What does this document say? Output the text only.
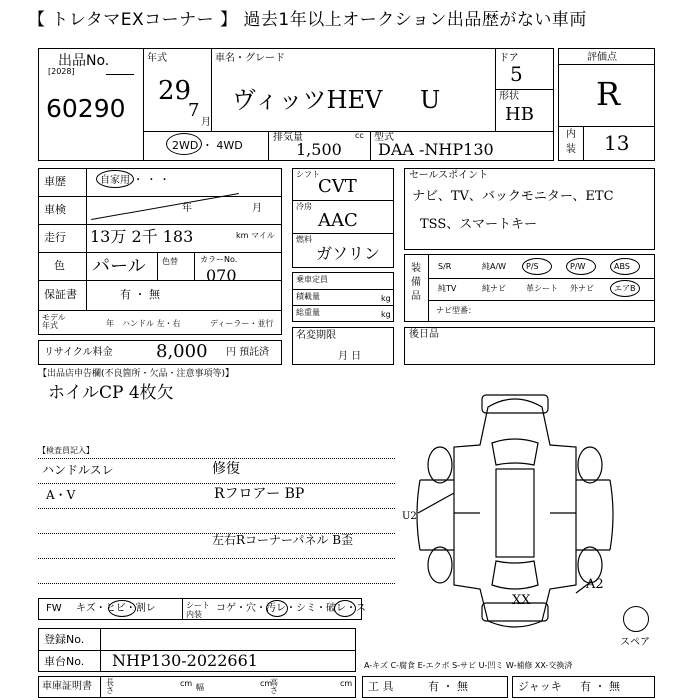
【 トレタマEXコーナー 】 過去1年以上オークション出品歴がない車両
出品No.
[2028]
60290
年式
29
7
月
車名・グレード
ヴィッツHEV U
ドア
5
形状
HB
評価点
R
内
装 13
2WD ・ 4WD
排気量	cc
1,500
型式
DAA -NHP130
車歴	自家用 ・ ・ ・
車検	年	月
走行 13万 2千 183	km マイル
色 パール 色替	カラーNo.
070
保証書	有 ・ 無
モデル年式	年 ハンドル 左・右	ディーラー・並行
リサイクル料金 8,000 円 預託済
シフト
CVT
冷房
AAC
燃料
ガソリン
乗車定員
積載量	kg
総重量	kg
名変期限
月 日
セールスポイント
ナビ、TV、バックモニター、ETC
TSS、スマートキー
装備品
S/R	純A/W P/S	P/W	ABS
純TV	純ナビ	革シート 外ナビ	エアB
ナビ型番：
後日品
【出品店申告欄(不良箇所・欠品・注意事項等)】
ホイルCP 4枚欠
【検査員記入】
ハンドルスレ	修復
A・V	Rフロアー BP
左右Rコーナーパネル B歪
U2
A2
XX
スペア
FW キズ・ヒビ・割レ	シート内装
コゲ・穴・汚レ・シミ・破レ・ス
登録No.
車台No. NHP130-2022661	A-キズ C-腐食 E-エクボ S-サビ U-凹ミ W-補修 XX-交換済
車庫証明書 長さ
cm 幅	cm
高さ
cm 工 具	有 ・ 無	ジャッキ 有 ・ 無
